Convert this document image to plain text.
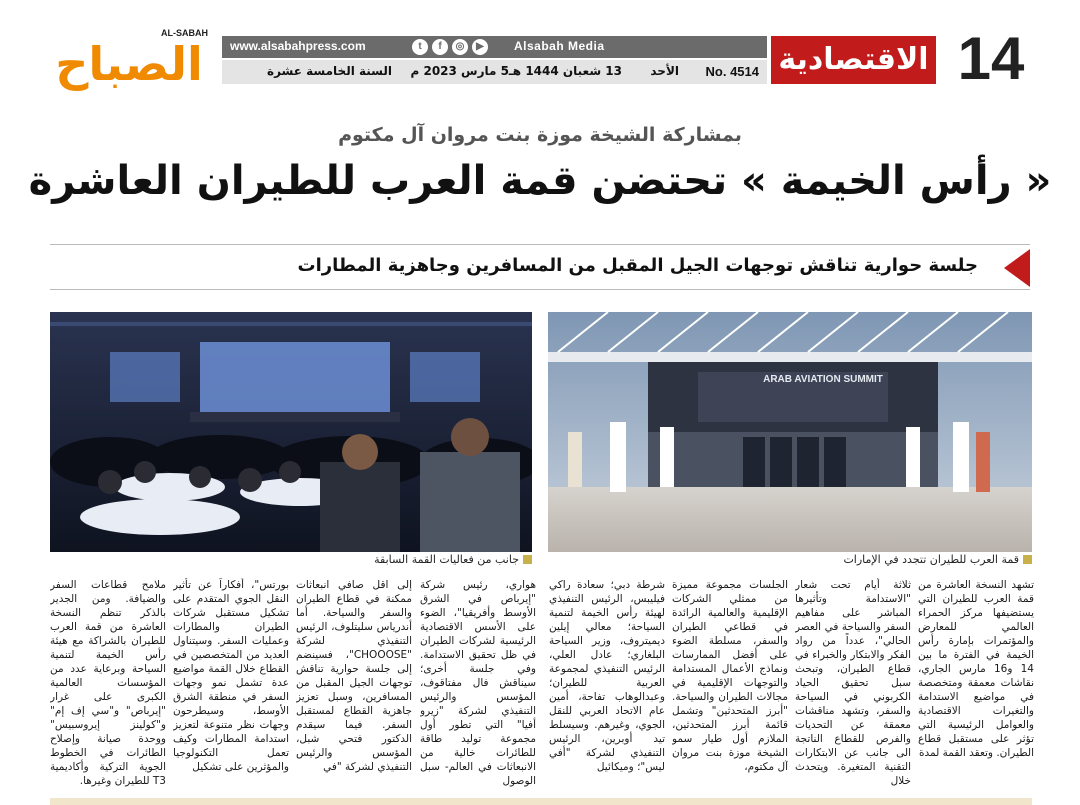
AL-SABAH
الصباح	www.alsabahpress.com	t	f	◎	▶	Alsabah Media
No. 4514
الأحد
13 شعبان 1444 هـ
5 مارس 2023 م
السنة الخامسة عشرة	الاقتصادية 14
بمشاركة الشيخة موزة بنت مروان آل مكتوم
« رأس الخيمة » تحتضن قمة العرب للطيران العاشرة
جلسة حوارية تناقش توجهات الجيل المقبل من المسافرين وجاهزية المطارات
جانب من فعاليات القمة السابقة
ARAB AVIATION SUMMIT
قمة العرب للطيران تتجدد في الإمارات
تشهد النسخة العاشرة من قمة العرب للطيران التي يستضيفها مركز الحمراء العالمي للمعارض والمؤتمرات بإمارة رأس الخيمة في الفترة ما بين 14 و16 مارس الجاري، نقاشات معمقة ومتخصصة في مواضيع الاستدامة والتغيرات الاقتصادية والعوامل الرئيسية التي تؤثر على مستقبل قطاع الطيران. وتعقد القمة لمدة
ثلاثة أيام تحت شعار "الاستدامة وتأثيرها المباشر على مفاهيم السفر والسياحة في العصر الحالي"، عدداً من رواد الفكر والابتكار والخبراء في قطاع الطيران، وتبحث سبل تحقيق الحياد الكربوني في السياحة والسفر، وتشهد مناقشات معمقة عن التحديات والفرص للقطاع الناتجة الى جانب عن الابتكارات التقنية المتغيرة. ويتحدث خلال
الجلسات مجموعة مميزة من ممثلي الشركات الإقليمية والعالمية الرائدة في قطاعي الطيران والسفر، مسلطة الضوء على أفضل الممارسات ونماذج الأعمال المستدامة والتوجهات الإقليمية في مجالات الطيران والسياحة. "أبرز المتحدثين" وتشمل قائمة أبرز المتحدثين، الملازم أول طيار سمو الشيخة موزة بنت مروان آل مكتوم،
شرطة دبي؛ سعادة راكي فيليبس، الرئيس التنفيذي لهيئة رأس الخيمة لتنمية السياحة؛ معالي إيلين ديميتروف، وزير السياحة البلغاري؛ عادل العلي، الرئيس التنفيذي لمجموعة العربية للطيران؛ وعبدالوهاب تفاحة، أمين عام الاتحاد العربي للنقل الجوي، وغيرهم. وسيسلط تيد أوبرين، الرئيس التنفيذي لشركة "أفي ليس"؛ وميكائيل
هواري، رئيس شركة "إيرباص في الشرق الأوسط وأفريقيا"، الضوء على الأسس الاقتصادية الرئيسية لشركات الطيران في ظل تحقيق الاستدامة. وفي جلسة أخرى؛ سيناقش فال مفتاقوف، المؤسس والرئيس التنفيذي لشركة "زيرو أفيا" التي تطور أول مجموعة توليد طاقة للطائرات خالية من الانبعاثات في العالم- سبل الوصول
إلى اقل صافي انبعاثات ممكنة في قطاع الطيران والسفر والسياحة. أما أندرياس سليتلوف، الرئيس التنفيذي لشركة "CHOOOSE"، فسينضم إلى جلسة حوارية تناقش توجهات الجيل المقبل من المسافرين، وسبل تعزيز جاهزية القطاع لمستقبل السفر. فيما سيقدم الدكتور فتحي شبل، المؤسس والرئيس التنفيذي لشركة "في
بورتس"، أفكاراً عن تأثير النقل الجوي المتقدم على تشكيل مستقبل شركات الطيران والمطارات وعمليات السفر. وسيتناول العديد من المتخصصين في القطاع خلال القمة مواضيع عدة تشمل نمو وجهات السفر في منطقة الشرق الأوسط، وسيطرحون وجهات نظر متنوعة لتعزيز استدامة المطارات وكيف تعمل التكنولوجيا والمؤثرين على تشكيل
ملامح قطاعات السفر والضيافة. ومن الجدير بالذكر تنظم النسخة العاشرة من قمة العرب للطيران بالشراكة مع هيئة رأس الخيمة لتنمية السياحة وبرعاية عدد من المؤسسات العالمية الكبرى على غرار "إيرباص" و"سي إف إم" و"كولينز إيروسبيس" ووحدة صيانة وإصلاح الطائرات في الخطوط الجوية التركية وأكاديمية T3 للطيران وغيرها.
